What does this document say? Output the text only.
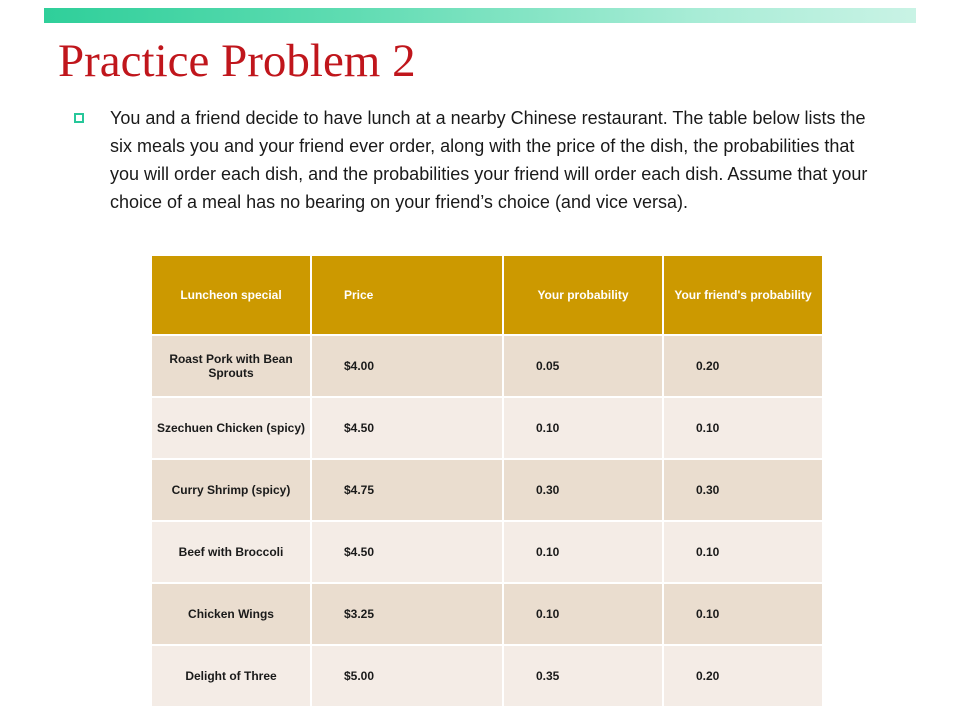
Practice Problem 2
You and a friend decide to have lunch at a nearby Chinese restaurant. The table below lists the six meals you and your friend ever order, along with the price of the dish, the probabilities that you will order each dish, and the probabilities your friend will order each dish. Assume that your choice of a meal has no bearing on your friend’s choice (and vice versa).
Luncheon special	Price	Your probability	Your friend's probability
Roast Pork with Bean Sprouts	$4.00	0.05	0.20
Szechuen Chicken (spicy)	$4.50	0.10	0.10
Curry Shrimp (spicy)	$4.75	0.30	0.30
Beef with Broccoli	$4.50	0.10	0.10
Chicken Wings	$3.25	0.10	0.10
Delight of Three	$5.00	0.35	0.20
